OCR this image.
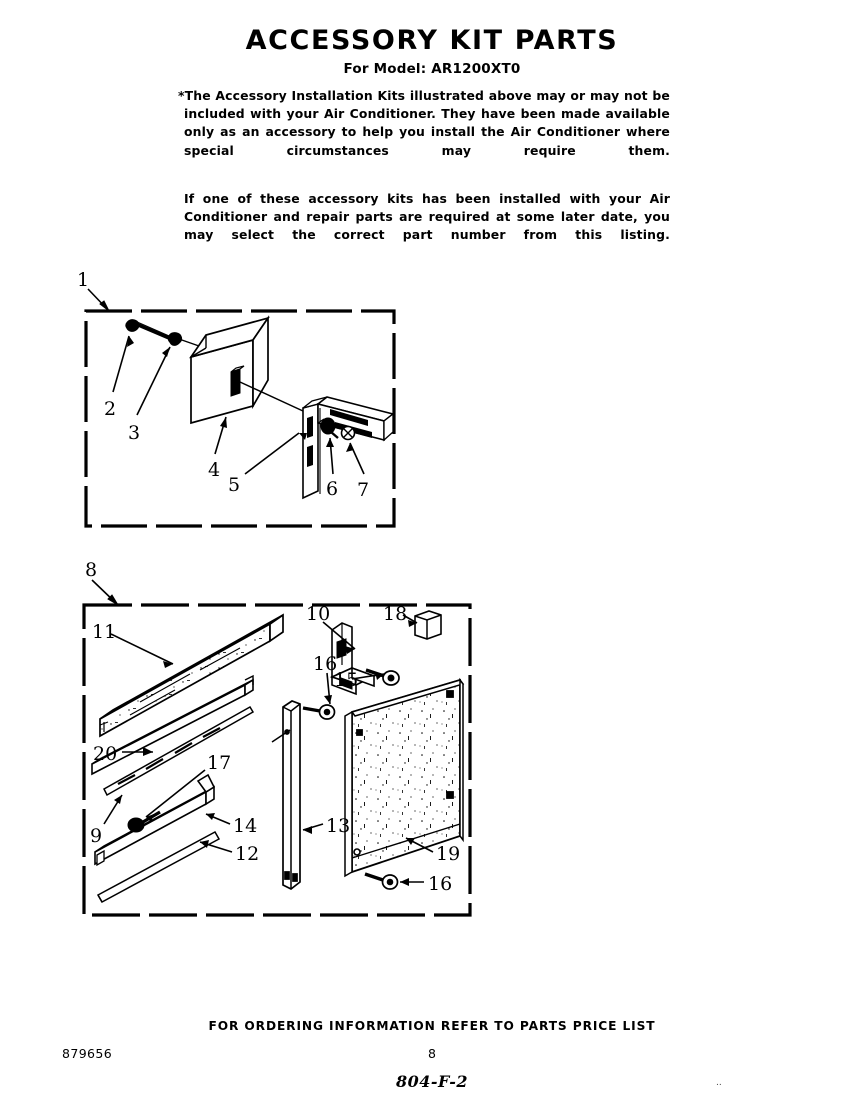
ACCESSORY KIT PARTS
For Model: AR1200XT0

*The Accessory Installation Kits illustrated above may or may not be included with your Air Conditioner. They have been made available only as an accessory to help you install the Air Conditioner where special circumstances may require them.

If one of these accessory kits has been installed with your Air Conditioner and repair parts are required at some later date, you may select the correct part number from this listing.

1
2
3
4
5	6 7
8
11
20
9
17
14
12
13
10
15
16
18
19
16
FOR ORDERING INFORMATION REFER TO PARTS PRICE LIST
879656	8
804-F-2	..
